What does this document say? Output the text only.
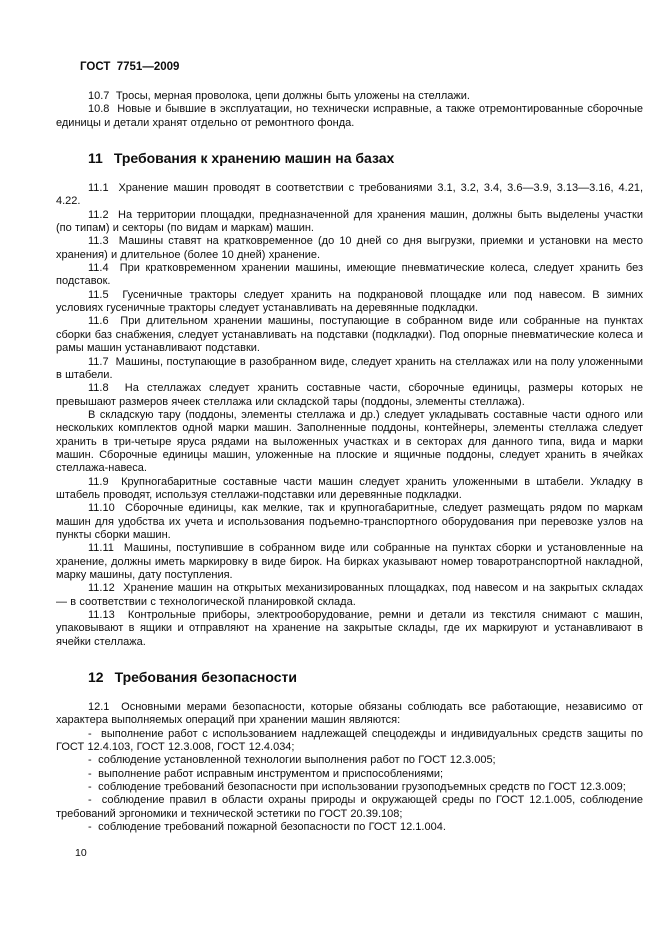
ГОСТ  7751—2009

10.7  Тросы, мерная проволока, цепи должны быть уложены на стеллажи.

10.8  Новые и бывшие в эксплуатации, но технически исправные, а также отремонтированные сборочные единицы и детали хранят отдельно от ремонтного фонда.

11 Требования к хранению машин на базах

11.1  Хранение машин проводят в соответствии с требованиями 3.1, 3.2, 3.4, 3.6—3.9, 3.13—3.16, 4.21, 4.22.

11.2  На территории площадки, предназначенной для хранения машин, должны быть выделены участки (по типам) и секторы (по видам и маркам) машин.

11.3  Машины ставят на кратковременное (до 10 дней со дня выгрузки, приемки и установки на место хранения) и длительное (более 10 дней) хранение.

11.4  При кратковременном хранении машины, имеющие пневматические колеса, следует хранить без подставок.

11.5  Гусеничные тракторы следует хранить на подкрановой площадке или под навесом. В зимних условиях гусеничные тракторы следует устанавливать на деревянные подкладки.

11.6  При длительном хранении машины, поступающие в собранном виде или собранные на пунктах сборки баз снабжения, следует устанавливать на подставки (подкладки). Под опорные пневматические колеса и рамы машин устанавливают подставки.

11.7  Машины, поступающие в разобранном виде, следует хранить на стеллажах или на полу уложенными в штабели.

11.8  На стеллажах следует хранить составные части, сборочные единицы, размеры которых не превышают размеров ячеек стеллажа или складской тары (поддоны, элементы стеллажа).

В складскую тару (поддоны, элементы стеллажа и др.) следует укладывать составные части одного или нескольких комплектов одной марки машин. Заполненные поддоны, контейнеры, элементы стеллажа следует хранить в три-четыре яруса рядами на выложенных участках и в секторах для данного типа, вида и марки машин. Сборочные единицы машин, уложенные на плоские и ящичные поддоны, следует хранить в ячейках стеллажа-навеса.

11.9  Крупногабаритные составные части машин следует хранить уложенными в штабели. Укладку в штабель проводят, используя стеллажи-подставки или деревянные подкладки.

11.10  Сборочные единицы, как мелкие, так и крупногабаритные, следует размещать рядом по маркам машин для удобства их учета и использования подъемно-транспортного оборудования при перевозке узлов на пункты сборки машин.

11.11  Машины, поступившие в собранном виде или собранные на пунктах сборки и установленные на хранение, должны иметь маркировку в виде бирок. На бирках указывают номер товаротранспортной накладной, марку машины, дату поступления.

11.12  Хранение машин на открытых механизированных площадках, под навесом и на закрытых складах — в соответствии с технологической планировкой склада.

11.13  Контрольные приборы, электрооборудование, ремни и детали из текстиля снимают с машин, упаковывают в ящики и отправляют на хранение на закрытые склады, где их маркируют и устанавливают в ячейки стеллажа.

12 Требования безопасности

12.1  Основными мерами безопасности, которые обязаны соблюдать все работающие, независимо от характера выполняемых операций при хранении машин являются:

-  выполнение работ с использованием надлежащей спецодежды и индивидуальных средств защиты по ГОСТ 12.4.103, ГОСТ 12.3.008, ГОСТ 12.4.034;

-  соблюдение установленной технологии выполнения работ по ГОСТ 12.3.005;

-  выполнение работ исправным инструментом и приспособлениями;

-  соблюдение требований безопасности при использовании грузоподъемных средств по ГОСТ 12.3.009;

-  соблюдение правил в области охраны природы и окружающей среды по ГОСТ 12.1.005, соблюдение требований эргономики и технической эстетики по ГОСТ 20.39.108;

-  соблюдение требований пожарной безопасности по ГОСТ 12.1.004.

10
